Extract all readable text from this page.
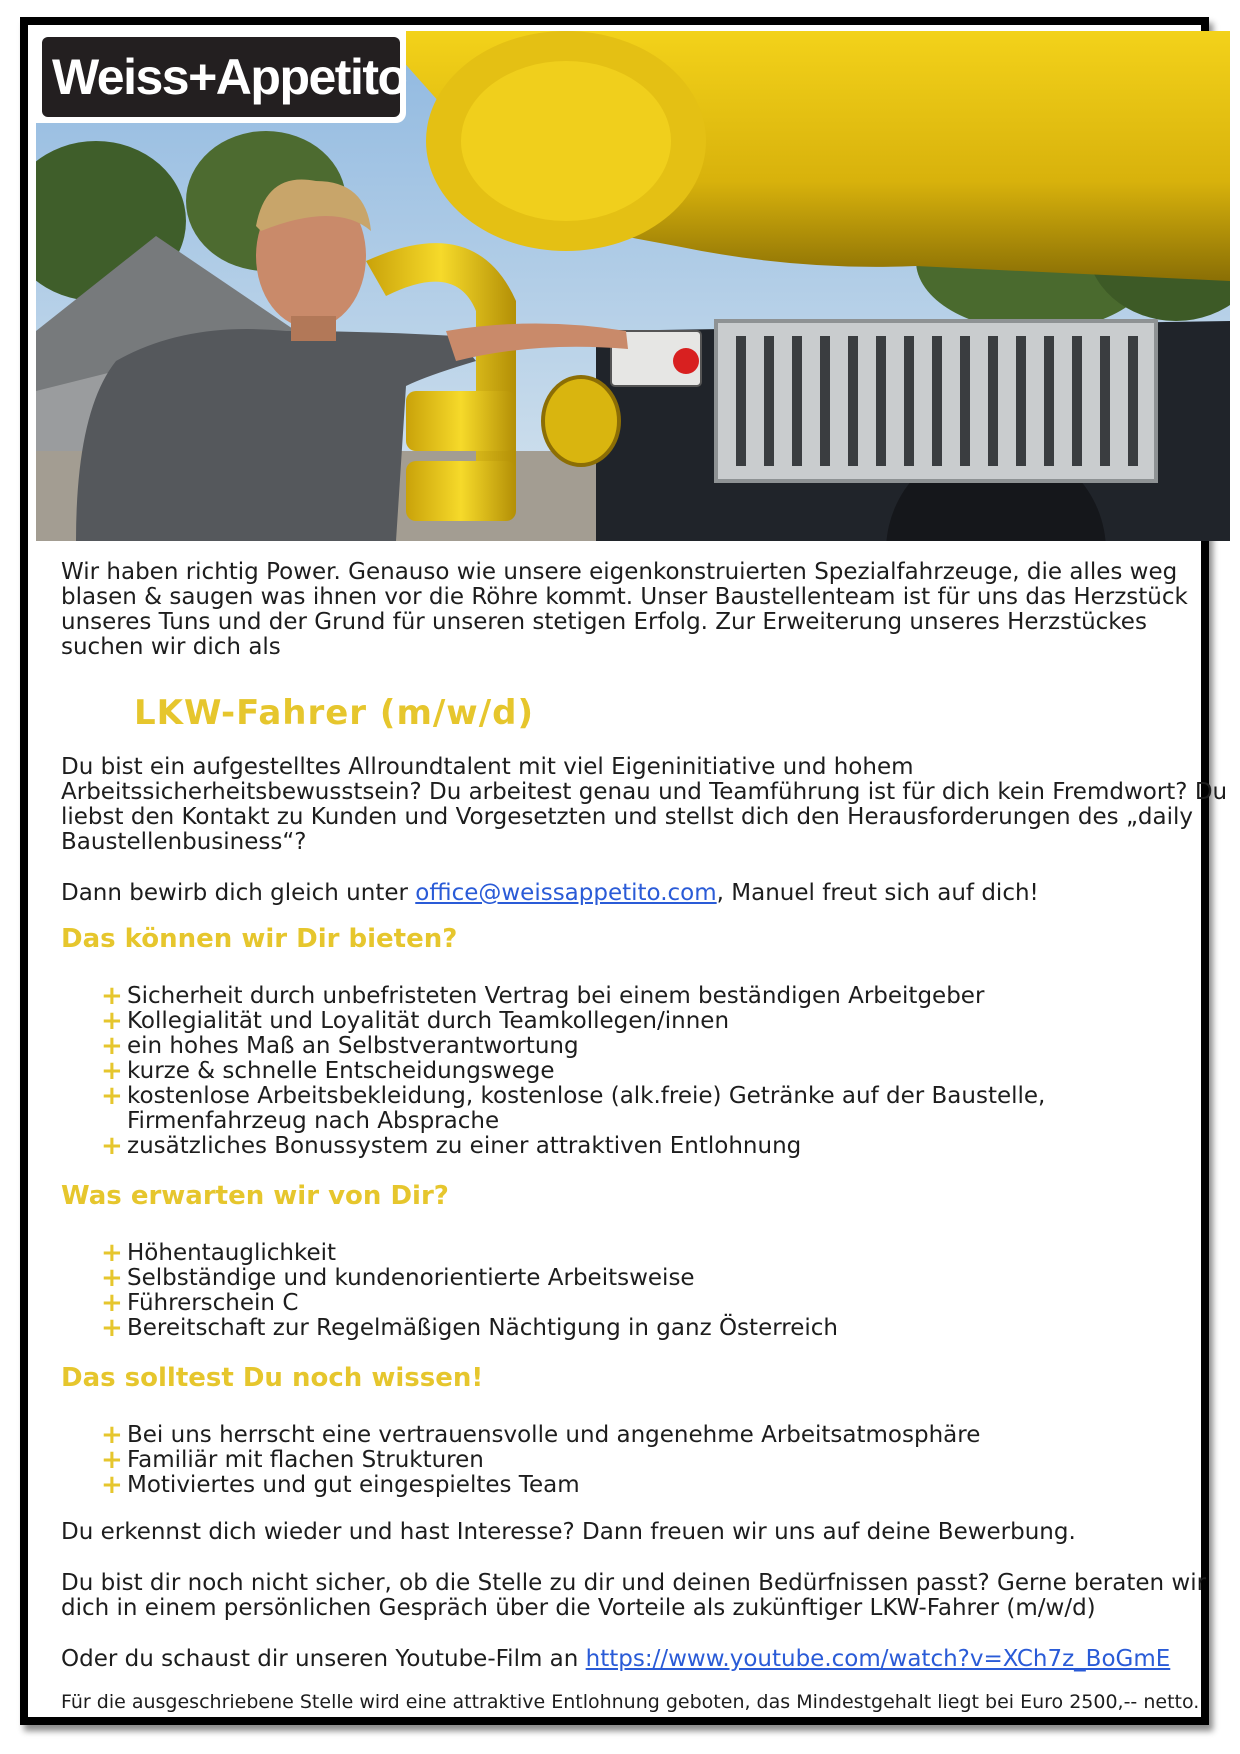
Weiss+Appetito

Wir haben richtig Power. Genauso wie unsere eigenkonstruierten Spezialfahrzeuge, die alles weg blasen & saugen was ihnen vor die Röhre kommt. Unser Baustellenteam ist für uns das Herzstück unseres Tuns und der Grund für unseren stetigen Erfolg. Zur Erweiterung unseres Herzstückes suchen wir dich als

LKW-Fahrer (m/w/d)

Du bist ein aufgestelltes Allroundtalent mit viel Eigeninitiative und hohem Arbeitssicherheitsbewusstsein? Du arbeitest genau und Teamführung ist für dich kein Fremdwort? Du liebst den Kontakt zu Kunden und Vorgesetzten und stellst dich den Herausforderungen des „daily Baustellenbusiness“?

Dann bewirb dich gleich unter office@weissappetito.com, Manuel freut sich auf dich!

Das können wir Dir bieten?
+ Sicherheit durch unbefristeten Vertrag bei einem beständigen Arbeitgeber
+ Kollegialität und Loyalität durch Teamkollegen/innen
+ ein hohes Maß an Selbstverantwortung
+ kurze & schnelle Entscheidungswege
+ kostenlose Arbeitsbekleidung, kostenlose (alk.freie) Getränke auf der Baustelle, Firmenfahrzeug nach Absprache
+ zusätzliches Bonussystem zu einer attraktiven Entlohnung
Was erwarten wir von Dir?
+ Höhentauglichkeit
+ Selbständige und kundenorientierte Arbeitsweise
+ Führerschein C
+ Bereitschaft zur Regelmäßigen Nächtigung in ganz Österreich
Das solltest Du noch wissen!
+ Bei uns herrscht eine vertrauensvolle und angenehme Arbeitsatmosphäre
+ Familiär mit flachen Strukturen
+ Motiviertes und gut eingespieltes Team

Du erkennst dich wieder und hast Interesse? Dann freuen wir uns auf deine Bewerbung.

Du bist dir noch nicht sicher, ob die Stelle zu dir und deinen Bedürfnissen passt? Gerne beraten wir dich in einem persönlichen Gespräch über die Vorteile als zukünftiger LKW-Fahrer (m/w/d)

Oder du schaust dir unseren Youtube-Film an https://www.youtube.com/watch?v=XCh7z_BoGmE

Für die ausgeschriebene Stelle wird eine attraktive Entlohnung geboten, das Mindestgehalt liegt bei Euro 2500,-- netto.
